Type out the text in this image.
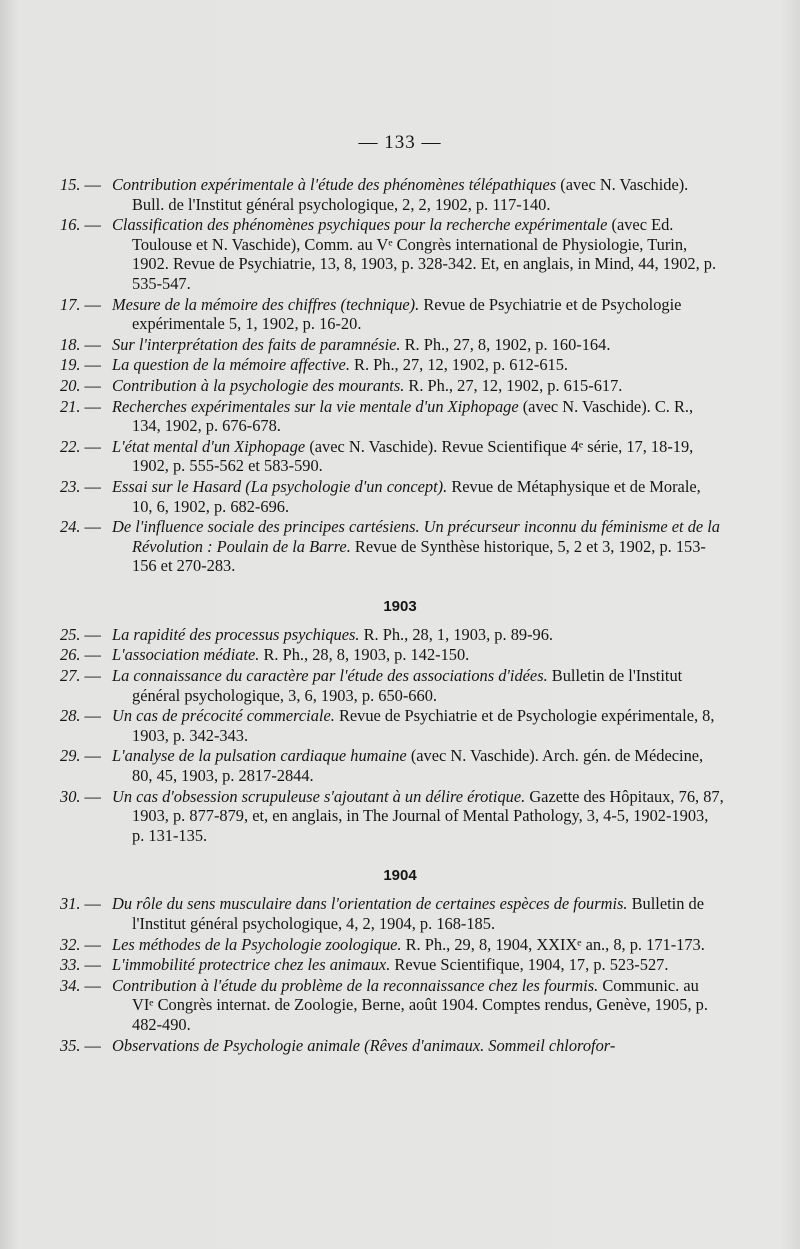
— 133 —
15. — Contribution expérimentale à l'étude des phénomènes télépathiques (avec N. Vaschide). Bull. de l'Institut général psychologique, 2, 2, 1902, p. 117-140.
16. — Classification des phénomènes psychiques pour la recherche expérimentale (avec Ed. Toulouse et N. Vaschide), Comm. au Vᵉ Congrès international de Physiologie, Turin, 1902. Revue de Psychiatrie, 13, 8, 1903, p. 328-342. Et, en anglais, in Mind, 44, 1902, p. 535-547.
17. — Mesure de la mémoire des chiffres (technique). Revue de Psychiatrie et de Psychologie expérimentale 5, 1, 1902, p. 16-20.
18. — Sur l'interprétation des faits de paramnésie. R. Ph., 27, 8, 1902, p. 160-164.
19. — La question de la mémoire affective. R. Ph., 27, 12, 1902, p. 612-615.
20. — Contribution à la psychologie des mourants. R. Ph., 27, 12, 1902, p. 615-617.
21. — Recherches expérimentales sur la vie mentale d'un Xiphopage (avec N. Vaschide). C. R., 134, 1902, p. 676-678.
22. — L'état mental d'un Xiphopage (avec N. Vaschide). Revue Scientifique 4ᵉ série, 17, 18-19, 1902, p. 555-562 et 583-590.
23. — Essai sur le Hasard (La psychologie d'un concept). Revue de Métaphysique et de Morale, 10, 6, 1902, p. 682-696.
24. — De l'influence sociale des principes cartésiens. Un précurseur inconnu du féminisme et de la Révolution : Poulain de la Barre. Revue de Synthèse historique, 5, 2 et 3, 1902, p. 153-156 et 270-283.
1903
25. — La rapidité des processus psychiques. R. Ph., 28, 1, 1903, p. 89-96.
26. — L'association médiate. R. Ph., 28, 8, 1903, p. 142-150.
27. — La connaissance du caractère par l'étude des associations d'idées. Bulletin de l'Institut général psychologique, 3, 6, 1903, p. 650-660.
28. — Un cas de précocité commerciale. Revue de Psychiatrie et de Psychologie expérimentale, 8, 1903, p. 342-343.
29. — L'analyse de la pulsation cardiaque humaine (avec N. Vaschide). Arch. gén. de Médecine, 80, 45, 1903, p. 2817-2844.
30. — Un cas d'obsession scrupuleuse s'ajoutant à un délire érotique. Gazette des Hôpitaux, 76, 87, 1903, p. 877-879, et, en anglais, in The Journal of Mental Pathology, 3, 4-5, 1902-1903, p. 131-135.
1904
31. — Du rôle du sens musculaire dans l'orientation de certaines espèces de fourmis. Bulletin de l'Institut général psychologique, 4, 2, 1904, p. 168-185.
32. — Les méthodes de la Psychologie zoologique. R. Ph., 29, 8, 1904, XXIXᵉ an., 8, p. 171-173.
33. — L'immobilité protectrice chez les animaux. Revue Scientifique, 1904, 17, p. 523-527.
34. — Contribution à l'étude du problème de la reconnaissance chez les fourmis. Communic. au VIᵉ Congrès internat. de Zoologie, Berne, août 1904. Comptes rendus, Genève, 1905, p. 482-490.
35. — Observations de Psychologie animale (Rêves d'animaux. Sommeil chlorofor-
